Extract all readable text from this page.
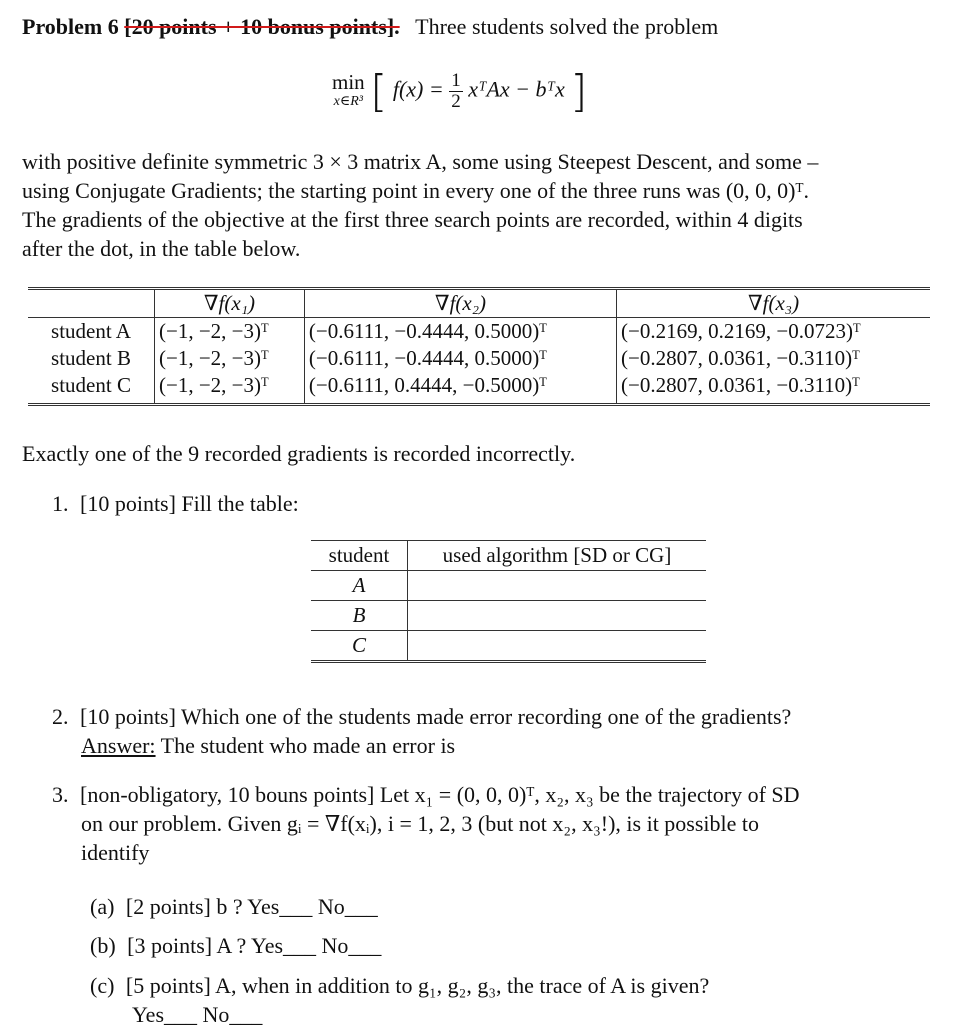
Problem 6 [20 points + 10 bonus points]. Three students solved the problem
min
x∈R³ [ $f(x) = \frac{1}{2}$ xᵀAx − bᵀx ]
with positive definite symmetric 3 × 3 matrix A, some using Steepest Descent, and some –
using Conjugate Gradients; the starting point in every one of the three runs was (0, 0, 0)ᵀ.
The gradients of the objective at the first three search points are recorded, within 4 digits
after the dot, in the table below.
	∇f(x₁)	∇f(x₂)	∇f(x₃)
student A	(−1, −2, −3)ᵀ	(−0.6111, −0.4444, 0.5000)ᵀ	(−0.2169, 0.2169, −0.0723)ᵀ
student B	(−1, −2, −3)ᵀ	(−0.6111, −0.4444, 0.5000)ᵀ	(−0.2807, 0.0361, −0.3110)ᵀ
student C	(−1, −2, −3)ᵀ	(−0.6111, 0.4444, −0.5000)ᵀ	(−0.2807, 0.0361, −0.3110)ᵀ
Exactly one of the 9 recorded gradients is recorded incorrectly.
1. [10 points] Fill the table:
student	used algorithm [SD or CG]
A	
B	
C	
2. [10 points] Which one of the students made error recording one of the gradients?
Answer: The student who made an error is
3. [non-obligatory, 10 bouns points] Let x₁ = (0, 0, 0)ᵀ, x₂, x₃ be the trajectory of SD
on our problem. Given gᵢ = ∇f(xᵢ), i = 1, 2, 3 (but not x₂, x₃!), is it possible to
identify
(a) [2 points] b ? Yes___ No___
(b) [3 points] A ? Yes___ No___
(c) [5 points] A, when in addition to g₁, g₂, g₃, the trace of A is given?
Yes___ No___
